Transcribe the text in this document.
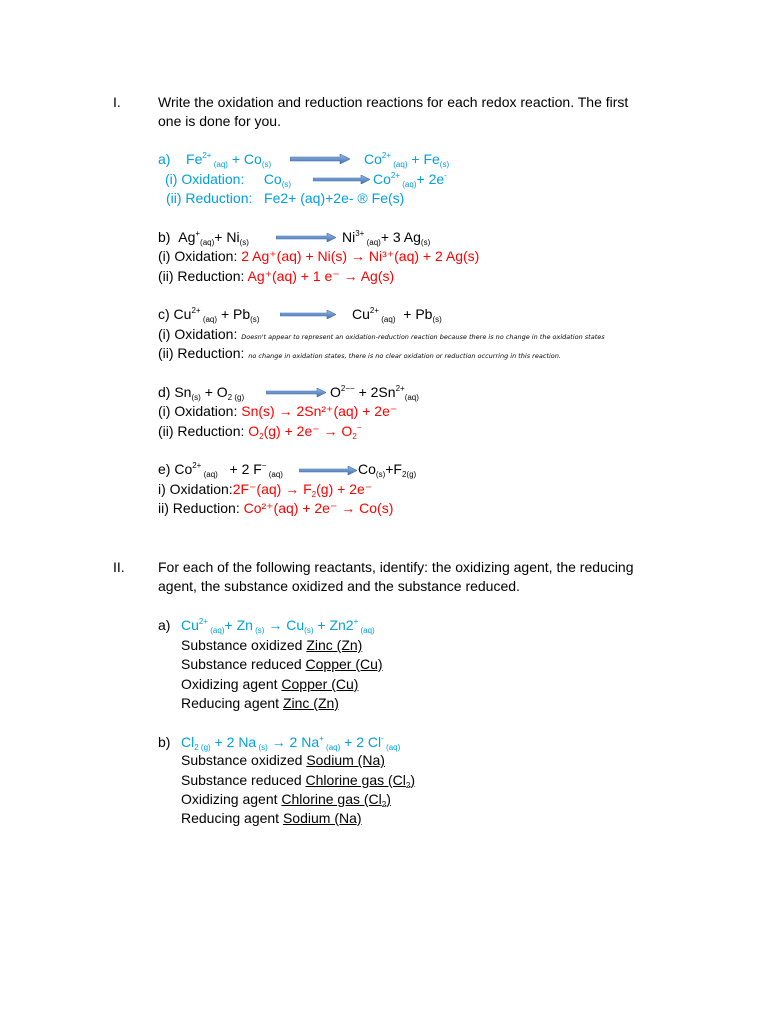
I.	Write the oxidation and reduction reactions for each redox reaction. The first
one is done for you.
a) $Fe^{2+}$ $_{(aq)} + Co_{(s)}$	$Co^{2+}$ $_{(aq)} + Fe_{(s)}$
(i) Oxidation: $Co_{(s)}$	$Co^{2+}$ $_{(aq)}$+ 2e-
(ii) Reduction: Fe2+ (aq)+2e- ® Fe(s)
b) $Ag^+_{(aq)}+ Ni_{(s)}$	$Ni^{3+}$ $_{(aq)}$+ 3 $Ag_{(s)}$
(i) Oxidation: 2 Ag⁺(aq) + Ni(s) → Ni³⁺(aq) + 2 Ag(s)
(ii) Reduction: Ag⁺(aq) + 1 e⁻ → Ag(s)
c) $Cu^{2+}$ $_{(aq)} + Pb_{(s)} \to Cu^{2+}$ $_{(aq)} + Pb_{(s)}$
(i) Oxidation: Doesn't appear to represent an oxidation-reduction reaction because there is no change in the oxidation states
(ii) Reduction: no change in oxidation states, there is no clear oxidation or reduction occurring in this reaction.
d) $Sn_{(s)} + O_{2 (g)}$	$O^{2--} + 2Sn^{2+}_{(aq)}$
(i) Oxidation: Sn(s) → 2Sn²⁺(aq) + 2e⁻
(ii) Reduction: $O_2(g) + 2e^- \to O_2^-$
e) $Co^{2+}$ $_{(aq)}$ + 2 F− $_{(aq)}$	$Co_{(s)}+F_{2(g)}$
i) Oxidation:2F⁻(aq) → $F_2(g) + 2e^-$
ii) Reduction: Co²⁺(aq) + 2e⁻ → Co(s)
II. For each of the following reactants, identify: the oxidizing agent, the reducing
agent, the substance oxidized and the substance reduced.
a) $Cu^{2+}$ $_{(aq)}$+ Zn $_{(s)} \to Cu_{(s)} + Zn2^+$ $_{(aq)}$
Substance oxidized Zinc (Zn)
Substance reduced Copper (Cu)
Oxidizing agent Copper (Cu)
Reducing agent Zinc (Zn)
b) $Cl_{2 (g)} + 2$ Na $_{(s)}$ → 2 Na+ $_{(aq)}$ + 2 Cl- $_{(aq)}$
Substance oxidized Sodium (Na)
Substance reduced Chlorine gas $(Cl_2)$
Oxidizing agent Chlorine gas $(Cl_2)$
Reducing agent Sodium (Na)
